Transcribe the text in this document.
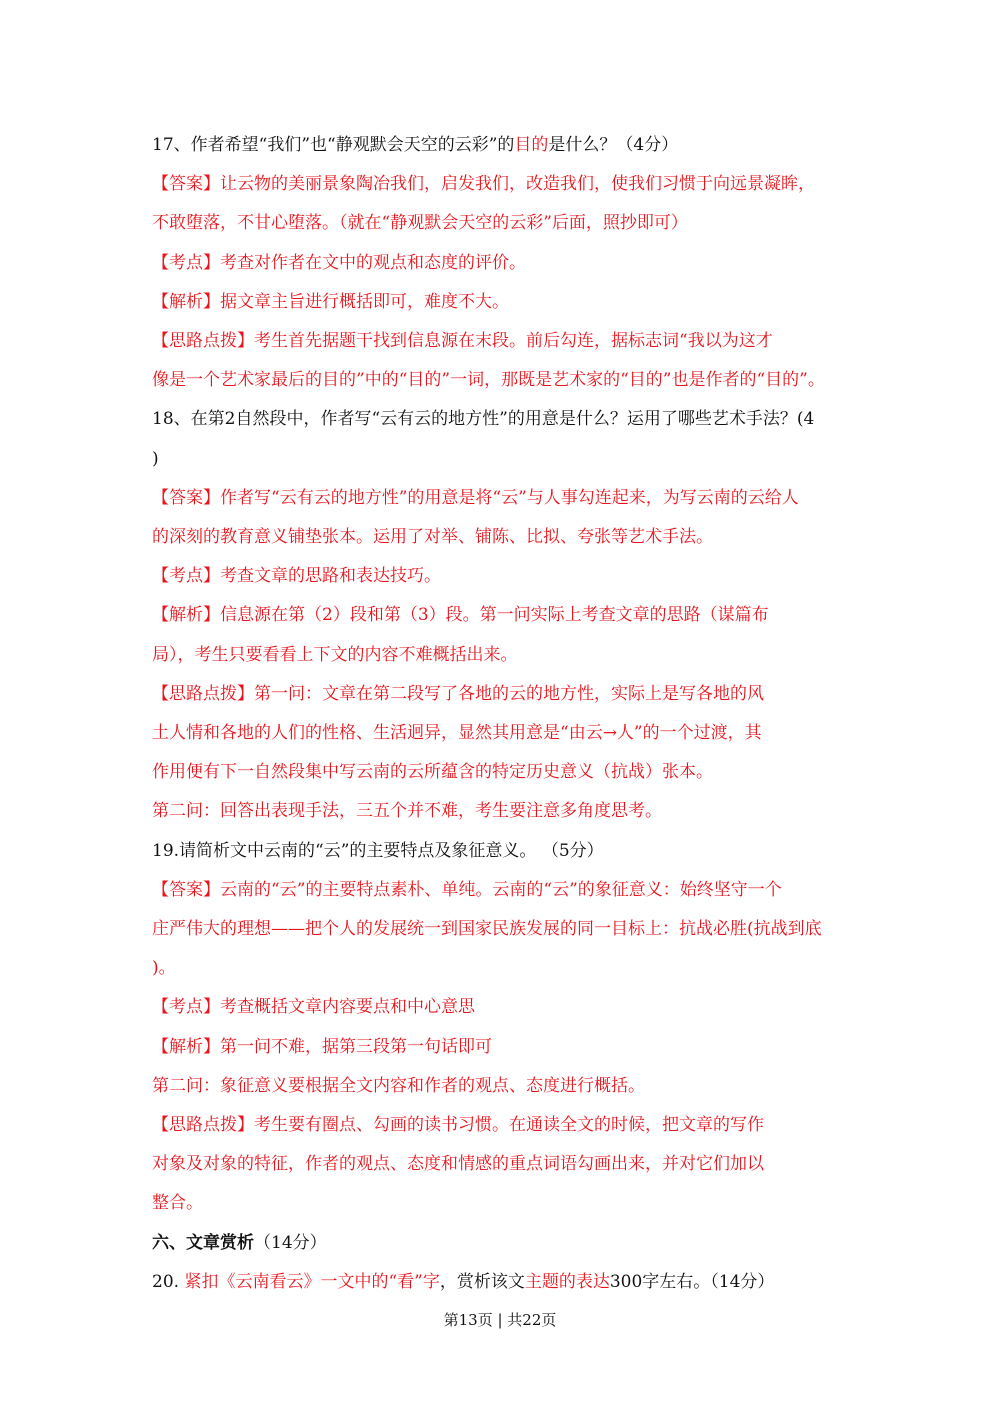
17、作者希望“我们”也“静观默会天空的云彩”的目的是什么？（4分）
【答案】让云物的美丽景象陶冶我们，启发我们，改造我们，使我们习惯于向远景凝眸，
不敢堕落，不甘心堕落。（就在“静观默会天空的云彩”后面，照抄即可）
【考点】考查对作者在文中的观点和态度的评价。
【解析】据文章主旨进行概括即可，难度不大。
【思路点拨】考生首先据题干找到信息源在末段。前后勾连，据标志词“我以为这才
像是一个艺术家最后的目的”中的“目的”一词，那既是艺术家的“目的”也是作者的“目的”。
18、在第2自然段中，作者写“云有云的地方性”的用意是什么？运用了哪些艺术手法？(4
)
【答案】作者写“云有云的地方性”的用意是将“云”与人事勾连起来，为写云南的云给人
的深刻的教育意义铺垫张本。运用了对举、铺陈、比拟、夸张等艺术手法。
【考点】考查文章的思路和表达技巧。
【解析】信息源在第（2）段和第（3）段。第一问实际上考查文章的思路（谋篇布
局），考生只要看看上下文的内容不难概括出来。
【思路点拨】第一问：文章在第二段写了各地的云的地方性，实际上是写各地的风
土人情和各地的人们的性格、生活迥异，显然其用意是“由云→人”的一个过渡，其
作用便有下一自然段集中写云南的云所蕴含的特定历史意义（抗战）张本。
第二问：回答出表现手法，三五个并不难，考生要注意多角度思考。
19.请简析文中云南的“云”的主要特点及象征意义。 （5分）
【答案】云南的“云”的主要特点素朴、单纯。云南的“云”的象征意义：始终坚守一个
庄严伟大的理想——把个人的发展统一到国家民族发展的同一目标上：抗战必胜(抗战到底
)。
【考点】考查概括文章内容要点和中心意思
【解析】第一问不难，据第三段第一句话即可
第二问：象征意义要根据全文内容和作者的观点、态度进行概括。
【思路点拨】考生要有圈点、勾画的读书习惯。在通读全文的时候，把文章的写作
对象及对象的特征，作者的观点、态度和情感的重点词语勾画出来，并对它们加以
整合。
六、文章赏析（14分）
20. 紧扣《云南看云》一文中的“看”字，赏析该文主题的表达300字左右。（14分）
第13页 | 共22页
